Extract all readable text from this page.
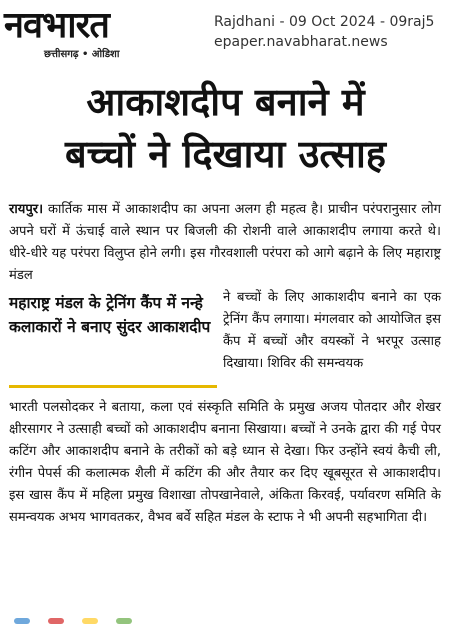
नवभारत
छत्तीसगढ़ • ओडिशा
Rajdhani - 09 Oct 2024 - 09raj5
epaper.navabharat.news
आकाशदीप बनाने में
बच्चों ने दिखाया उत्साह
रायपुर। कार्तिक मास में आकाशदीप का अपना अलग ही महत्व है। प्राचीन परंपरानुसार लोग अपने घरों में ऊंचाई वाले स्थान पर बिजली की रोशनी वाले आकाशदीप लगाया करते थे। धीरे-धीरे यह परंपरा विलुप्त होने लगी। इस गौरवशाली परंपरा को आगे बढ़ाने के लिए महाराष्ट्र मंडल
महाराष्ट्र मंडल के ट्रेनिंग कैंप में नन्हे कलाकारों ने बनाए सुंदर आकाशदीप
ने बच्चों के लिए आकाशदीप बनाने का एक ट्रेनिंग कैंप लगाया। मंगलवार को आयोजित इस कैंप में बच्चों और वयस्कों ने भरपूर उत्साह दिखाया। शिविर की समन्वयक
भारती पलसोदकर ने बताया, कला एवं संस्कृति समिति के प्रमुख अजय पोतदार और शेखर क्षीरसागर ने उत्साही बच्चों को आकाशदीप बनाना सिखाया। बच्चों ने उनके द्वारा की गई पेपर कटिंग और आकाशदीप बनाने के तरीकों को बड़े ध्यान से देखा। फिर उन्होंने स्वयं कैची ली, रंगीन पेपर्स की कलात्मक शैली में कटिंग की और तैयार कर दिए खूबसूरत से आकाशदीप। इस खास कैंप में महिला प्रमुख विशाखा तोपखानेवाले, अंकिता किरवई, पर्यावरण समिति के समन्वयक अभय भागवतकर, वैभव बर्वे सहित मंडल के स्टाफ ने भी अपनी सहभागिता दी।
